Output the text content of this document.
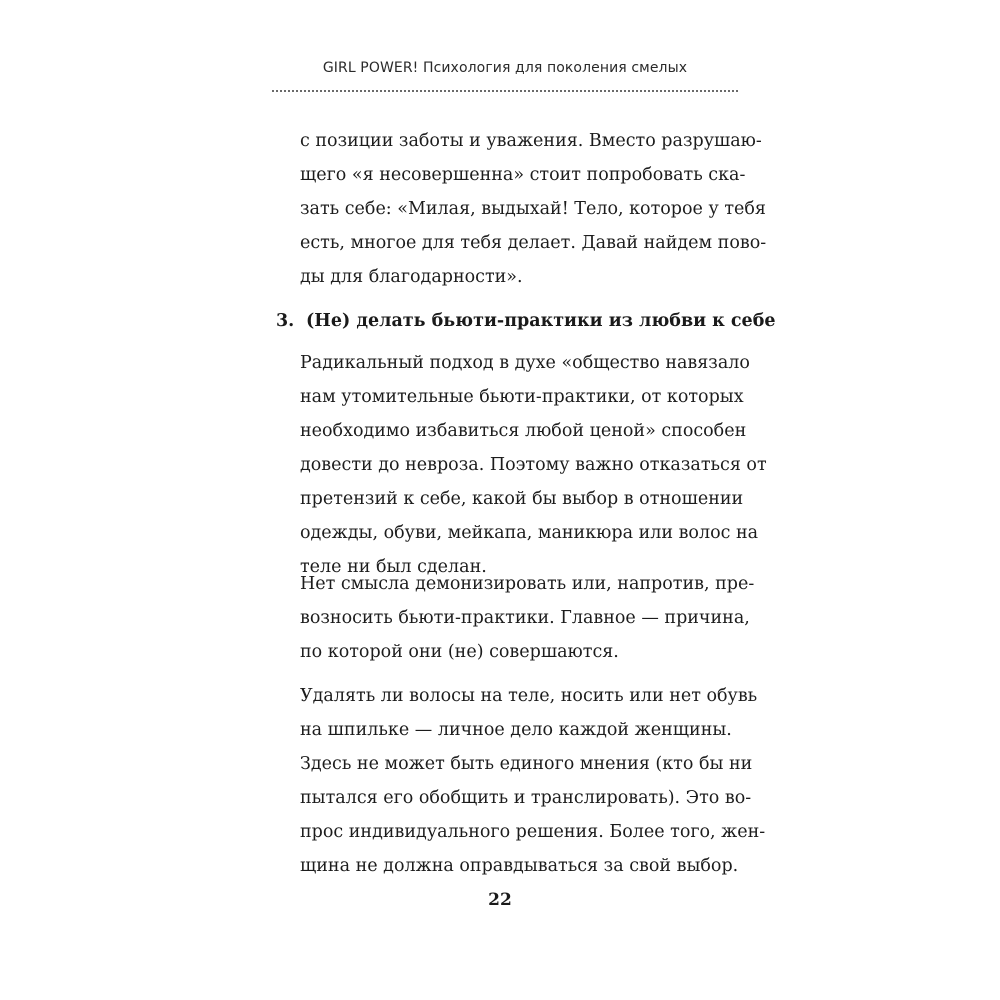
GIRL POWER! Психология для поколения смелых

с позиции заботы и уважения. Вместо разрушаю-
щего «я несовершенна» стоит попробовать ска-
зать себе: «Милая, выдыхай! Тело, которое у тебя
есть, многое для тебя делает. Давай найдем пово-
ды для благодарности».

3. (Не) делать бьюти-практики из любви к себе

Радикальный подход в духе «общество навязало
нам утомительные бьюти-практики, от которых
необходимо избавиться любой ценой» способен
довести до невроза. Поэтому важно отказаться от
претензий к себе, какой бы выбор в отношении
одежды, обуви, мейкапа, маникюра или волос на
теле ни был сделан.

Нет смысла демонизировать или, напротив, пре-
возносить бьюти-практики. Главное — причина,
по которой они (не) совершаются.

Удалять ли волосы на теле, носить или нет обувь
на шпильке — личное дело каждой женщины.
Здесь не может быть единого мнения (кто бы ни
пытался его обобщить и транслировать). Это во-
прос индивидуального решения. Более того, жен-
щина не должна оправдываться за свой выбор.

22
